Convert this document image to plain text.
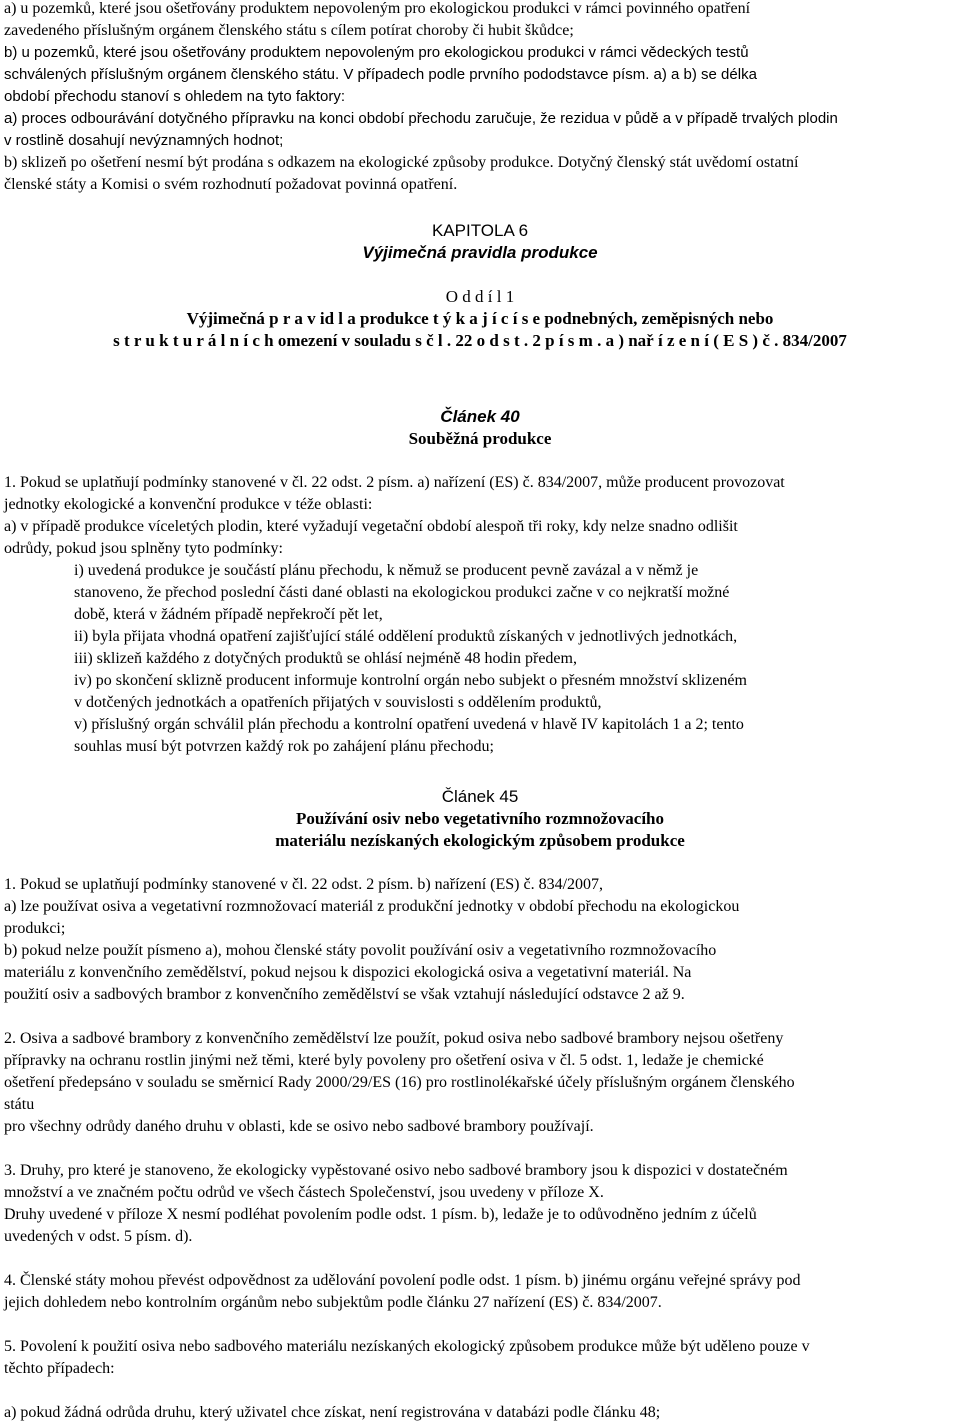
a) u pozemků, které jsou ošetřovány produktem nepovoleným pro ekologickou produkci v rámci povinného opatření
zavedeného příslušným orgánem členského státu s cílem potírat choroby či hubit škůdce;
b) u pozemků, které jsou ošetřovány produktem nepovoleným pro ekologickou produkci v rámci vědeckých testů
schválených příslušným orgánem členského státu. V případech podle prvního pododstavce písm. a) a b) se délka
období přechodu stanoví s ohledem na tyto faktory:
a) proces odbourávání dotyčného přípravku na konci období přechodu zaručuje, že rezidua v půdě a v případě trvalých plodin
v rostlině dosahují nevýznamných hodnot;
b) sklizeň po ošetření nesmí být prodána s odkazem na ekologické způsoby produkce. Dotyčný členský stát uvědomí ostatní
členské státy a Komisi o svém rozhodnutí požadovat povinná opatření.
KAPITOLA 6
Výjimečná pravidla produkce
O d d í l 1
Výjimečná p r a v id l a produkce t ý k a j í c í s e podnebných, zeměpisných nebo
s t r u k t u r á l n í c h omezení v souladu s č l . 22 o d s t . 2 p í s m . a ) nař í z e n í ( E S ) č . 834/2007
Článek 40
Souběžná produkce
1. Pokud se uplatňují podmínky stanovené v čl. 22 odst. 2 písm. a) nařízení (ES) č. 834/2007, může producent provozovat
jednotky ekologické a konvenční produkce v téže oblasti:
a) v případě produkce víceletých plodin, které vyžadují vegetační období alespoň tři roky, kdy nelze snadno odlišit
odrůdy, pokud jsou splněny tyto podmínky:
i) uvedená produkce je součástí plánu přechodu, k němuž se producent pevně zavázal a v němž je
stanoveno, že přechod poslední části dané oblasti na ekologickou produkci začne v co nejkratší možné
době, která v žádném případě nepřekročí pět let,
ii) byla přijata vhodná opatření zajišťující stálé oddělení produktů získaných v jednotlivých jednotkách,
iii) sklizeň každého z dotyčných produktů se ohlásí nejméně 48 hodin předem,
iv) po skončení sklizně producent informuje kontrolní orgán nebo subjekt o přesném množství sklizeném
v dotčených jednotkách a opatřeních přijatých v souvislosti s oddělením produktů,
v) příslušný orgán schválil plán přechodu a kontrolní opatření uvedená v hlavě IV kapitolách 1 a 2; tento
souhlas musí být potvrzen každý rok po zahájení plánu přechodu;
Článek 45
Používání osiv nebo vegetativního rozmnožovacího
materiálu nezískaných ekologickým způsobem produkce
1. Pokud se uplatňují podmínky stanovené v čl. 22 odst. 2 písm. b) nařízení (ES) č. 834/2007,
a) lze používat osiva a vegetativní rozmnožovací materiál z produkční jednotky v období přechodu na ekologickou
produkci;
b) pokud nelze použít písmeno a), mohou členské státy povolit používání osiv a vegetativního rozmnožovacího
materiálu z konvenčního zemědělství, pokud nejsou k dispozici ekologická osiva a vegetativní materiál. Na
použití osiv a sadbových brambor z konvenčního zemědělství se však vztahují následující odstavce 2 až 9.
2. Osiva a sadbové brambory z konvenčního zemědělství lze použít, pokud osiva nebo sadbové brambory nejsou ošetřeny
přípravky na ochranu rostlin jinými než těmi, které byly povoleny pro ošetření osiva v čl. 5 odst. 1, ledaže je chemické
ošetření předepsáno v souladu se směrnicí Rady 2000/29/ES (16) pro rostlinolékařské účely příslušným orgánem členského
státu
pro všechny odrůdy daného druhu v oblasti, kde se osivo nebo sadbové brambory používají.
3. Druhy, pro které je stanoveno, že ekologicky vypěstované osivo nebo sadbové brambory jsou k dispozici v dostatečném
množství a ve značném počtu odrůd ve všech částech Společenství, jsou uvedeny v příloze X.
Druhy uvedené v příloze X nesmí podléhat povolením podle odst. 1 písm. b), ledaže je to odůvodněno jedním z účelů
uvedených v odst. 5 písm. d).
4. Členské státy mohou převést odpovědnost za udělování povolení podle odst. 1 písm. b) jinému orgánu veřejné správy pod
jejich dohledem nebo kontrolním orgánům nebo subjektům podle článku 27 nařízení (ES) č. 834/2007.
5. Povolení k použití osiva nebo sadbového materiálu nezískaných ekologický způsobem produkce může být uděleno pouze v
těchto případech:
a) pokud žádná odrůda druhu, který uživatel chce získat, není registrována v databázi podle článku 48;
